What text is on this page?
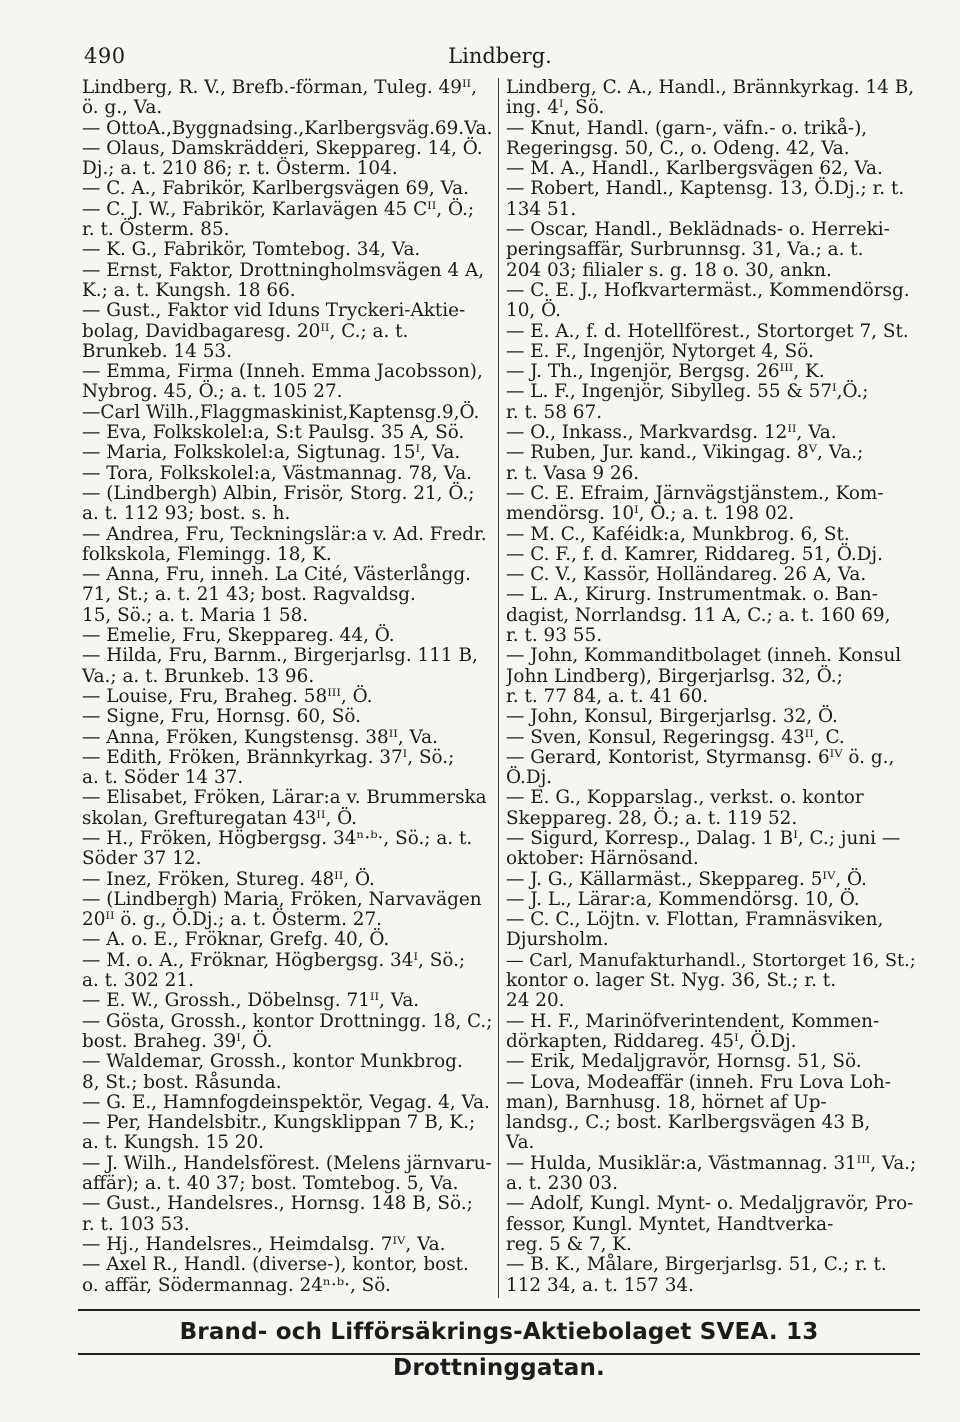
490	Lindberg.
Lindberg, R. V., Brefb.-förman, Tuleg. 49ᴵᴵ,
ö. g., Va.
— OttoA.,Byggnadsing.,Karlbergsväg.69.Va.
— Olaus, Damskrädderi, Skeppareg. 14, Ö.
Dj.; a. t. 210 86; r. t. Österm. 104.
— C. A., Fabrikör, Karlbergsvägen 69, Va.
— C. J. W., Fabrikör, Karlavägen 45 Cᴵᴵ, Ö.;
r. t. Österm. 85.
— K. G., Fabrikör, Tomtebog. 34, Va.
— Ernst, Faktor, Drottningholmsvägen 4 A,
K.; a. t. Kungsh. 18 66.
— Gust., Faktor vid Iduns Tryckeri-Aktie-
bolag, Davidbagaresg. 20ᴵᴵ, C.; a. t.
Brunkeb. 14 53.
— Emma, Firma (Inneh. Emma Jacobsson),
Nybrog. 45, Ö.; a. t. 105 27.
—Carl Wilh.,Flaggmaskinist,Kaptensg.9,Ö.
— Eva, Folkskolel:a, S:t Paulsg. 35 A, Sö.
— Maria, Folkskolel:a, Sigtunag. 15ᴵ, Va.
— Tora, Folkskolel:a, Västmannag. 78, Va.
— (Lindbergh) Albin, Frisör, Storg. 21, Ö.;
a. t. 112 93; bost. s. h.
— Andrea, Fru, Teckningslär:a v. Ad. Fredr.
folkskola, Flemingg. 18, K.
— Anna, Fru, inneh. La Cité, Västerlångg.
71, St.; a. t. 21 43; bost. Ragvaldsg.
15, Sö.; a. t. Maria 1 58.
— Emelie, Fru, Skeppareg. 44, Ö.
— Hilda, Fru, Barnm., Birgerjarlsg. 111 B,
Va.; a. t. Brunkeb. 13 96.
— Louise, Fru, Braheg. 58ᴵᴵᴵ, Ö.
— Signe, Fru, Hornsg. 60, Sö.
— Anna, Fröken, Kungstensg. 38ᴵᴵ, Va.
— Edith, Fröken, Brännkyrkag. 37ᴵ, Sö.;
a. t. Söder 14 37.
— Elisabet, Fröken, Lärar:a v. Brummerska
skolan, Grefturegatan 43ᴵᴵ, Ö.
— H., Fröken, Högbergsg. 34ⁿ·ᵇ·, Sö.; a. t.
Söder 37 12.
— Inez, Fröken, Stureg. 48ᴵᴵ, Ö.
— (Lindbergh) Maria, Fröken, Narvavägen
20ᴵᴵ ö. g., Ö.Dj.; a. t. Österm. 27.
— A. o. E., Fröknar, Grefg. 40, Ö.
— M. o. A., Fröknar, Högbergsg. 34ᴵ, Sö.;
a. t. 302 21.
— E. W., Grossh., Döbelnsg. 71ᴵᴵ, Va.
— Gösta, Grossh., kontor Drottningg. 18, C.;
bost. Braheg. 39ᴵ, Ö.
— Waldemar, Grossh., kontor Munkbrog.
8, St.; bost. Råsunda.
— G. E., Hamnfogdeinspektör, Vegag. 4, Va.
— Per, Handelsbitr., Kungsklippan 7 B, K.;
a. t. Kungsh. 15 20.
— J. Wilh., Handelsförest. (Melens järnvaru-
affär); a. t. 40 37; bost. Tomtebog. 5, Va.
— Gust., Handelsres., Hornsg. 148 B, Sö.;
r. t. 103 53.
— Hj., Handelsres., Heimdalsg. 7ᴵⱽ, Va.
— Axel R., Handl. (diverse-), kontor, bost.
o. affär, Södermannag. 24ⁿ·ᵇ·, Sö.
Lindberg, C. A., Handl., Brännkyrkag. 14 B,
ing. 4ᴵ, Sö.
— Knut, Handl. (garn-, väfn.- o. trikå-),
Regeringsg. 50, C., o. Odeng. 42, Va.
— M. A., Handl., Karlbergsvägen 62, Va.
— Robert, Handl., Kaptensg. 13, Ö.Dj.; r. t.
134 51.
— Oscar, Handl., Beklädnads- o. Herreki-
peringsaffär, Surbrunnsg. 31, Va.; a. t.
204 03; filialer s. g. 18 o. 30, ankn.
— C. E. J., Hofkvartermäst., Kommendörsg.
10, Ö.
— E. A., f. d. Hotellförest., Stortorget 7, St.
— E. F., Ingenjör, Nytorget 4, Sö.
— J. Th., Ingenjör, Bergsg. 26ᴵᴵᴵ, K.
— L. F., Ingenjör, Sibylleg. 55 & 57ᴵ,Ö.;
r. t. 58 67.
— O., Inkass., Markvardsg. 12ᴵᴵ, Va.
— Ruben, Jur. kand., Vikingag. 8ⱽ, Va.;
r. t. Vasa 9 26.
— C. E. Efraim, Järnvägstjänstem., Kom-
mendörsg. 10ᴵ, Ö.; a. t. 198 02.
— M. C., Kaféidk:a, Munkbrog. 6, St.
— C. F., f. d. Kamrer, Riddareg. 51, Ö.Dj.
— C. V., Kassör, Holländareg. 26 A, Va.
— L. A., Kirurg. Instrumentmak. o. Ban-
dagist, Norrlandsg. 11 A, C.; a. t. 160 69,
r. t. 93 55.
— John, Kommanditbolaget (inneh. Konsul
John Lindberg), Birgerjarlsg. 32, Ö.;
r. t. 77 84, a. t. 41 60.
— John, Konsul, Birgerjarlsg. 32, Ö.
— Sven, Konsul, Regeringsg. 43ᴵᴵ, C.
— Gerard, Kontorist, Styrmansg. 6ᴵⱽ ö. g.,
Ö.Dj.
— E. G., Kopparslag., verkst. o. kontor
Skeppareg. 28, Ö.; a. t. 119 52.
— Sigurd, Korresp., Dalag. 1 Bᴵ, C.; juni —
oktober: Härnösand.
— J. G., Källarmäst., Skeppareg. 5ᴵⱽ, Ö.
— J. L., Lärar:a, Kommendörsg. 10, Ö.
— C. C., Löjtn. v. Flottan, Framnäsviken,
Djursholm.
— Carl, Manufakturhandl., Stortorget 16, St.;
kontor o. lager St. Nyg. 36, St.; r. t.
24 20.
— H. F., Marinöfverintendent, Kommen-
dörkapten, Riddareg. 45ᴵ, Ö.Dj.
— Erik, Medaljgravör, Hornsg. 51, Sö.
— Lova, Modeaffär (inneh. Fru Lova Loh-
man), Barnhusg. 18, hörnet af Up-
landsg., C.; bost. Karlbergsvägen 43 B,
Va.
— Hulda, Musiklär:a, Västmannag. 31ᴵᴵᴵ, Va.;
a. t. 230 03.
— Adolf, Kungl. Mynt- o. Medaljgravör, Pro-
fessor, Kungl. Myntet, Handtverka-
reg. 5 & 7, K.
— B. K., Målare, Birgerjarlsg. 51, C.; r. t.
112 34, a. t. 157 34.
Brand- och Lifförsäkrings-Aktiebolaget SVEA. 13 Drottninggatan.
